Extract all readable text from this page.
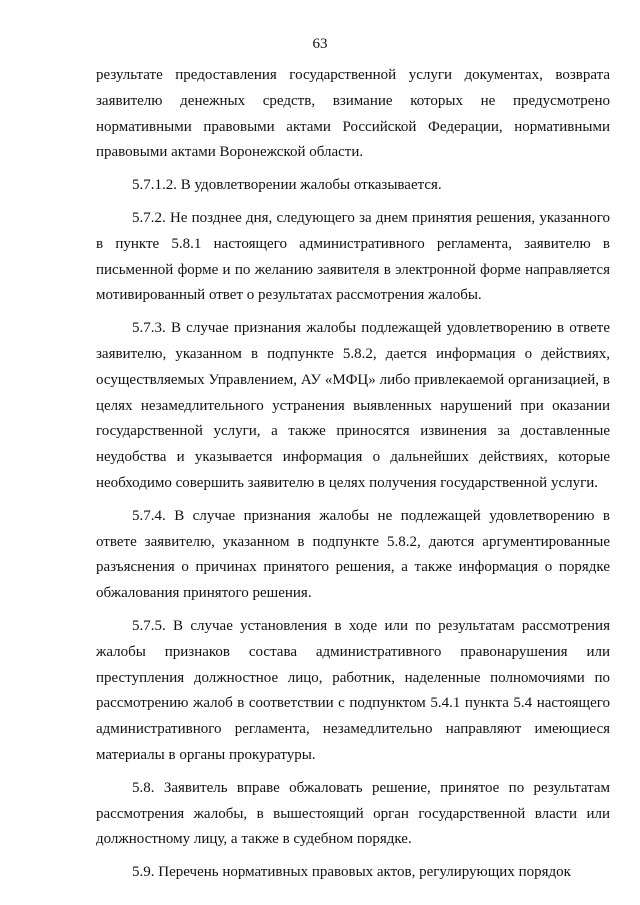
63

результате предоставления государственной услуги документах, возврата заявителю денежных средств, взимание которых не предусмотрено нормативными правовыми актами Российской Федерации, нормативными правовыми актами Воронежской области.

5.7.1.2. В удовлетворении жалобы отказывается.

5.7.2. Не позднее дня, следующего за днем принятия решения, указанного в пункте 5.8.1 настоящего административного регламента, заявителю в письменной форме и по желанию заявителя в электронной форме направляется мотивированный ответ о результатах рассмотрения жалобы.

5.7.3. В случае признания жалобы подлежащей удовлетворению в ответе заявителю, указанном в подпункте 5.8.2, дается информация о действиях, осуществляемых Управлением, АУ «МФЦ» либо привлекаемой организацией, в целях незамедлительного устранения выявленных нарушений при оказании государственной услуги, а также приносятся извинения за доставленные неудобства и указывается информация о дальнейших действиях, которые необходимо совершить заявителю в целях получения государственной услуги.

5.7.4. В случае признания жалобы не подлежащей удовлетворению в ответе заявителю, указанном в подпункте 5.8.2, даются аргументированные разъяснения о причинах принятого решения, а также информация о порядке обжалования принятого решения.

5.7.5. В случае установления в ходе или по результатам рассмотрения жалобы признаков состава административного правонарушения или преступления должностное лицо, работник, наделенные полномочиями по рассмотрению жалоб в соответствии с подпунктом 5.4.1 пункта 5.4 настоящего административного регламента, незамедлительно направляют имеющиеся материалы в органы прокуратуры.

5.8. Заявитель вправе обжаловать решение, принятое по результатам рассмотрения жалобы, в вышестоящий орган государственной власти или должностному лицу, а также в судебном порядке.

5.9. Перечень нормативных правовых актов, регулирующих порядок
